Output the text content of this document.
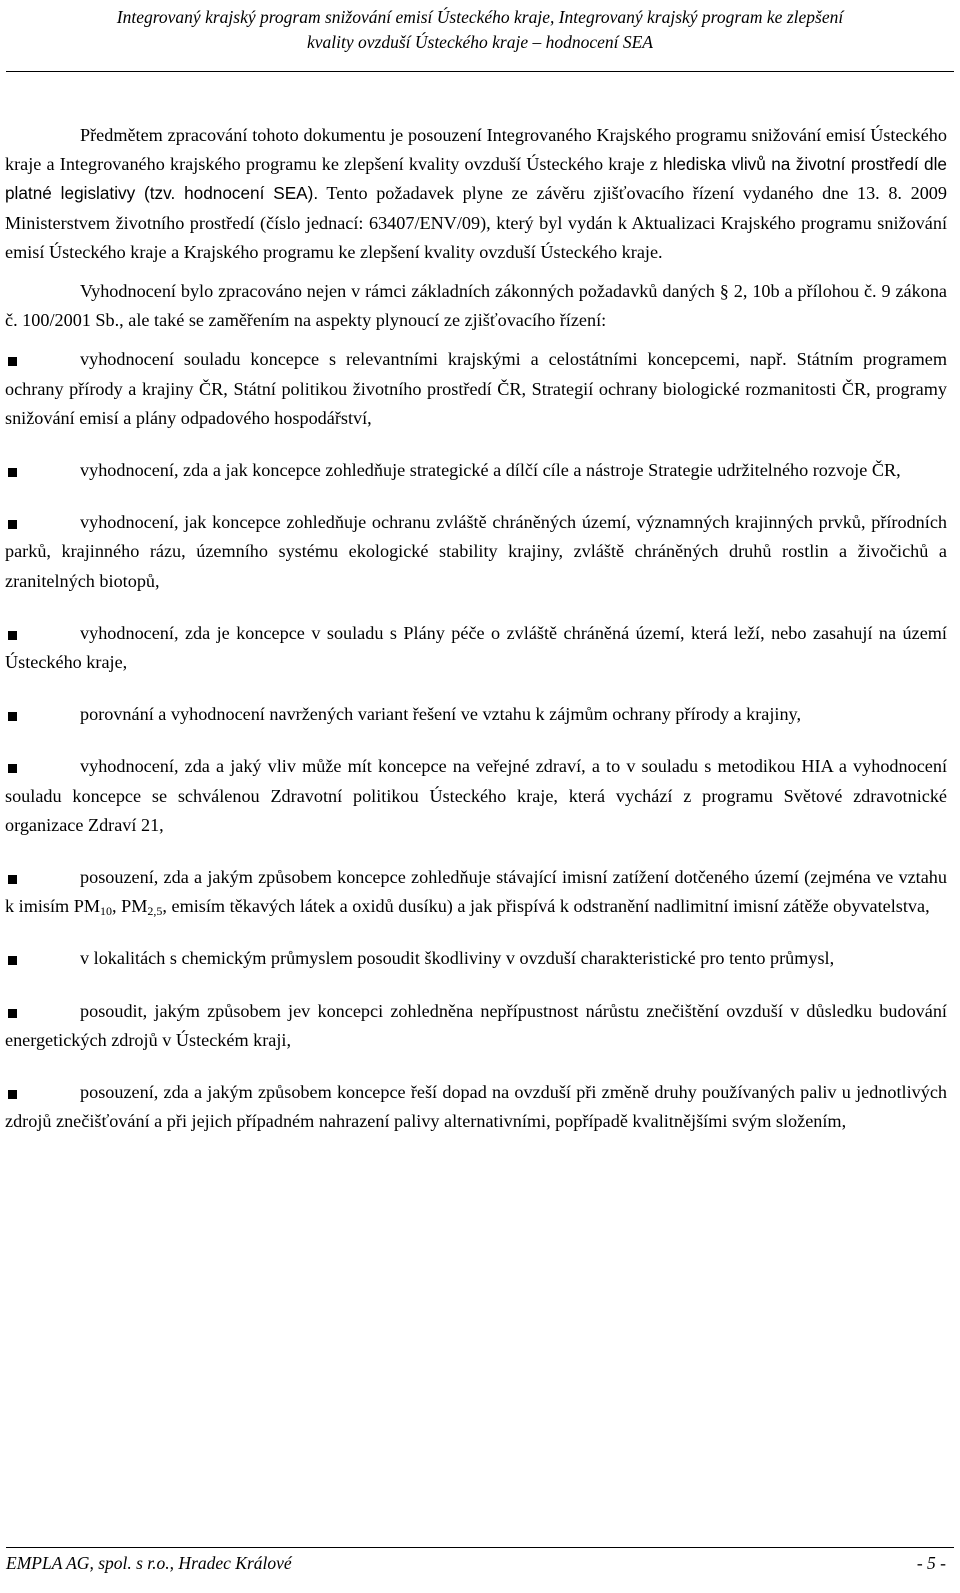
Integrovaný krajský program snižování emisí Ústeckého kraje, Integrovaný krajský program ke zlepšení
kvality ovzduší Ústeckého kraje – hodnocení SEA

Předmětem zpracování tohoto dokumentu je posouzení Integrovaného Krajského programu snižování emisí Ústeckého kraje a Integrovaného krajského programu ke zlepšení kvality ovzduší Ústeckého kraje z hlediska vlivů na životní prostředí dle platné legislativy (tzv. hodnocení SEA). Tento požadavek plyne ze závěru zjišťovacího řízení vydaného dne 13. 8. 2009 Ministerstvem životního prostředí (číslo jednací: 63407/ENV/09), který byl vydán k Aktualizaci Krajského programu snižování emisí Ústeckého kraje a Krajského programu ke zlepšení kvality ovzduší Ústeckého kraje.

Vyhodnocení bylo zpracováno nejen v rámci základních zákonných požadavků daných § 2, 10b a přílohou č. 9 zákona č. 100/2001 Sb., ale také se zaměřením na aspekty plynoucí ze zjišťovacího řízení:

vyhodnocení souladu koncepce s relevantními krajskými a celostátními koncepcemi, např. Státním programem ochrany přírody a krajiny ČR, Státní politikou životního prostředí ČR, Strategií ochrany biologické rozmanitosti ČR, programy snižování emisí a plány odpadového hospodářství,

vyhodnocení, zda a jak koncepce zohledňuje strategické a dílčí cíle a nástroje Strategie udržitelného rozvoje ČR,

vyhodnocení, jak koncepce zohledňuje ochranu zvláště chráněných území, významných krajinných prvků, přírodních parků, krajinného rázu, územního systému ekologické stability krajiny, zvláště chráněných druhů rostlin a živočichů a zranitelných biotopů,

vyhodnocení, zda je koncepce v souladu s Plány péče o zvláště chráněná území, která leží, nebo zasahují na území Ústeckého kraje,

porovnání a vyhodnocení navržených variant řešení ve vztahu k zájmům ochrany přírody a krajiny,

vyhodnocení, zda a jaký vliv může mít koncepce na veřejné zdraví, a to v souladu s metodikou HIA a vyhodnocení souladu koncepce se schválenou Zdravotní politikou Ústeckého kraje, která vychází z programu Světové zdravotnické organizace Zdraví 21,

posouzení, zda a jakým způsobem koncepce zohledňuje stávající imisní zatížení dotčeného území (zejména ve vztahu k imisím $PM_{10}$, $PM_{2,5}$, emisím těkavých látek a oxidů dusíku) a jak přispívá k odstranění nadlimitní imisní zátěže obyvatelstva,

v lokalitách s chemickým průmyslem posoudit škodliviny v ovzduší charakteristické pro tento průmysl,

posoudit, jakým způsobem jev koncepci zohledněna nepřípustnost nárůstu znečištění ovzduší v důsledku budování energetických zdrojů v Ústeckém kraji,

posouzení, zda a jakým způsobem koncepce řeší dopad na ovzduší při změně druhy používaných paliv u jednotlivých zdrojů znečišťování a při jejich případném nahrazení palivy alternativními, popřípadě kvalitnějšími svým složením,

EMPLA AG, spol. s r.o., Hradec Králové	- 5 -
